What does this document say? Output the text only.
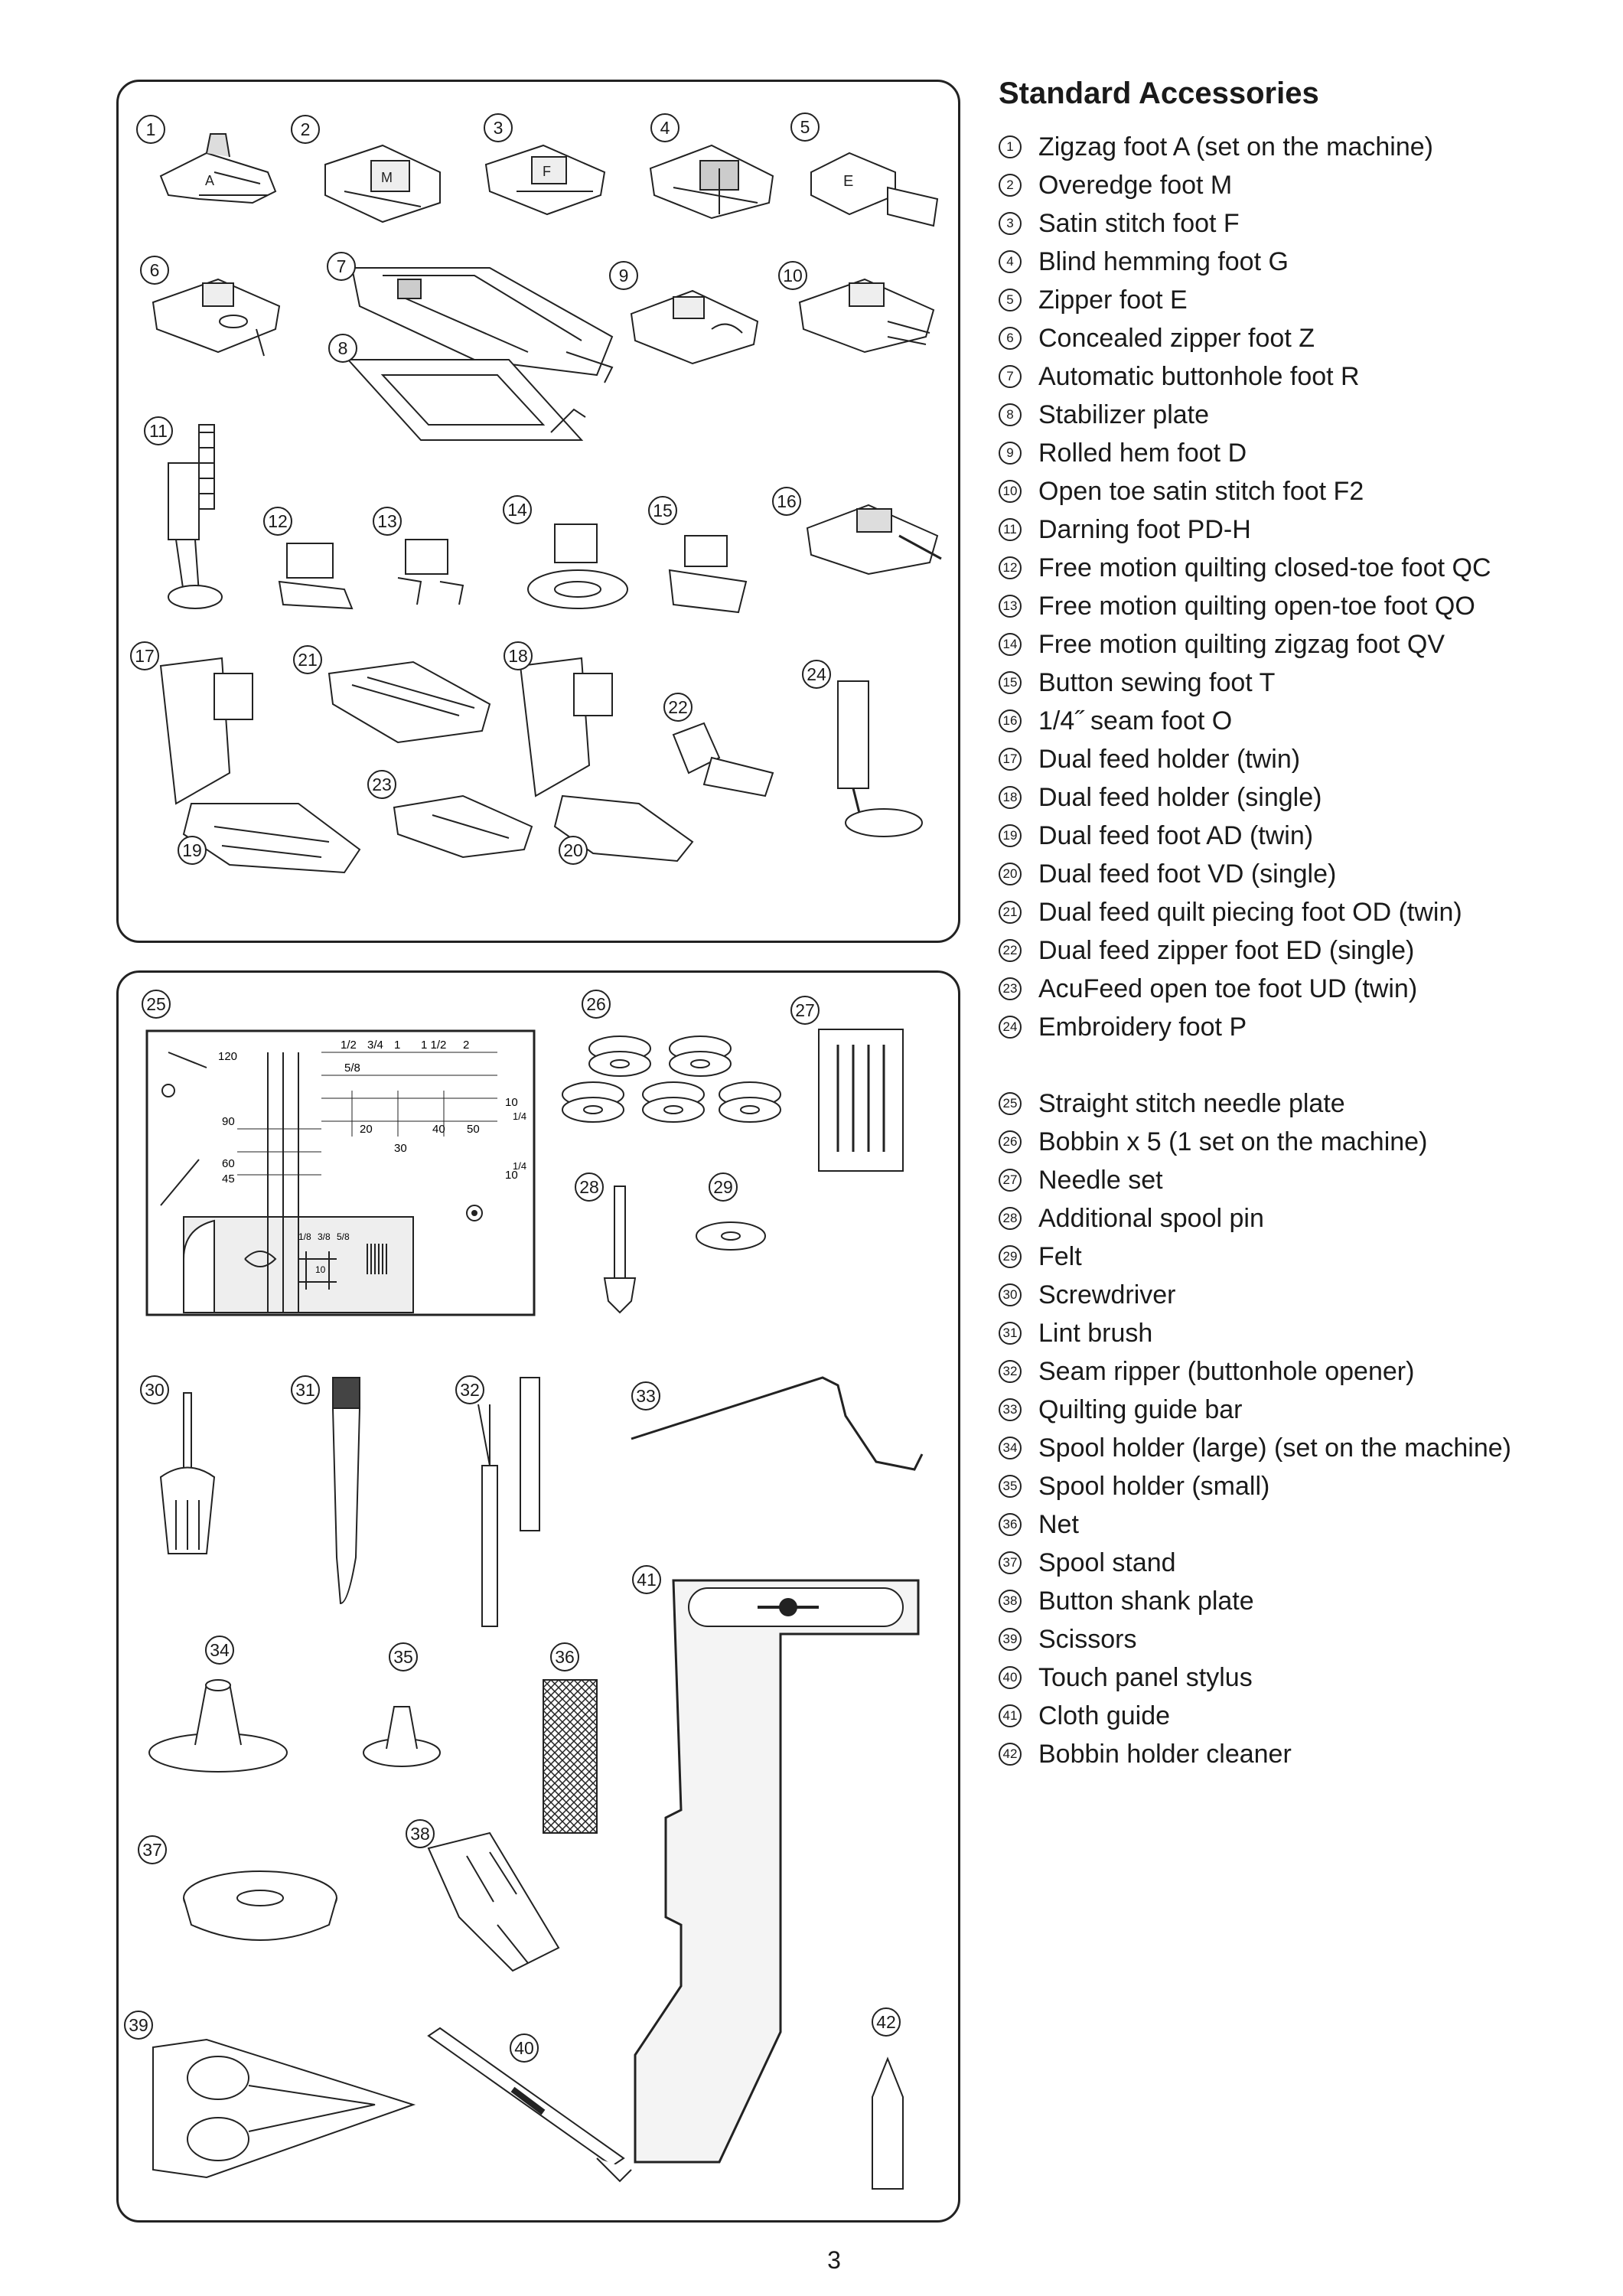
A	M	F
E
1/2 3/4 1 1 1/2 2
5/8
120
90
60
45
20
30
40 50
10
10
1/4
1/4
1/8 3/8 5/8
10
1	2	3	4	5
6	7
8
9	10
11
12	13
14	15	16
17	18
19	20
21
22
23
24
25	26	27
28	29
30	31	32	33
34	35	36
37
38
39
40
41
42
Standard Accessories
1 Zigzag foot A (set on the machine)
2 Overedge foot M
3 Satin stitch foot F
4 Blind hemming foot G
5 Zipper foot E
6 Concealed zipper foot Z
7 Automatic buttonhole foot R
8 Stabilizer plate
9 Rolled hem foot D
10 Open toe satin stitch foot F2
11 Darning foot PD-H
12 Free motion quilting closed-toe foot QC
13 Free motion quilting open-toe foot QO
14 Free motion quilting zigzag foot QV
15 Button sewing foot T
16 1/4˝ seam foot O
17 Dual feed holder (twin)
18 Dual feed holder (single)
19 Dual feed foot AD (twin)
20 Dual feed foot VD (single)
21 Dual feed quilt piecing foot OD (twin)
22 Dual feed zipper foot ED (single)
23 AcuFeed open toe foot UD (twin)
24 Embroidery foot P
25 Straight stitch needle plate
26 Bobbin x 5 (1 set on the machine)
27 Needle set
28 Additional spool pin
29 Felt
30 Screwdriver
31 Lint brush
32 Seam ripper (buttonhole opener)
33 Quilting guide bar
34 Spool holder (large) (set on the machine)
35 Spool holder (small)
36 Net
37 Spool stand
38 Button shank plate
39 Scissors
40 Touch panel stylus
41 Cloth guide
42 Bobbin holder cleaner
3
